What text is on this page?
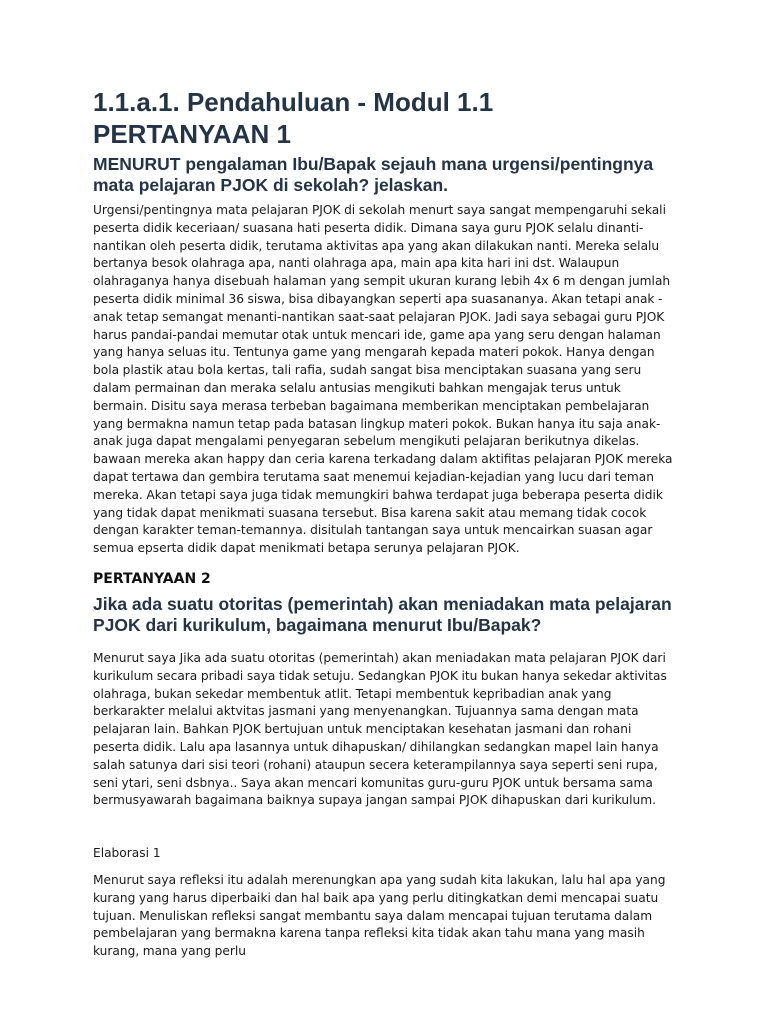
1.1.a.1. Pendahuluan - Modul 1.1
PERTANYAAN 1
MENURUT pengalaman Ibu/Bapak sejauh mana urgensi/pentingnya mata pelajaran PJOK di sekolah? jelaskan.

Urgensi/pentingnya mata pelajaran PJOK di sekolah menurt saya sangat mempengaruhi sekali peserta didik keceriaan/ suasana hati peserta didik. Dimana saya guru PJOK selalu dinanti-nantikan oleh peserta didik, terutama aktivitas apa yang akan dilakukan nanti. Mereka selalu bertanya besok olahraga apa, nanti olahraga apa, main apa kita hari ini dst. Walaupun olahraganya hanya disebuah halaman yang sempit ukuran kurang lebih 4x 6 m dengan jumlah peserta didik minimal 36 siswa, bisa dibayangkan seperti apa suasananya. Akan tetapi anak -anak tetap semangat menanti-nantikan saat-saat pelajaran PJOK. Jadi saya sebagai guru PJOK harus pandai-pandai memutar otak untuk mencari ide, game apa yang seru dengan halaman yang hanya seluas itu. Tentunya game yang mengarah kepada materi pokok. Hanya dengan bola plastik atau bola kertas, tali rafia, sudah sangat bisa menciptakan suasana yang seru dalam permainan dan meraka selalu antusias mengikuti bahkan mengajak terus untuk bermain. Disitu saya merasa terbeban bagaimana memberikan menciptakan pembelajaran yang bermakna namun tetap pada batasan lingkup materi pokok. Bukan hanya itu saja anak-anak juga dapat mengalami penyegaran sebelum mengikuti pelajaran berikutnya dikelas. bawaan mereka akan happy dan ceria karena terkadang dalam aktifitas pelajaran PJOK mereka dapat tertawa dan gembira terutama saat menemui kejadian-kejadian yang lucu dari teman mereka. Akan tetapi saya juga tidak memungkiri bahwa terdapat juga beberapa peserta didik yang tidak dapat menikmati suasana tersebut. Bisa karena sakit atau memang tidak cocok dengan karakter teman-temannya. disitulah tantangan saya untuk mencairkan suasan agar semua epserta didik dapat menikmati betapa serunya pelajaran PJOK.

PERTANYAAN 2

Jika ada suatu otoritas (pemerintah) akan meniadakan mata pelajaran PJOK dari kurikulum, bagaimana menurut Ibu/Bapak?

Menurut saya Jika ada suatu otoritas (pemerintah) akan meniadakan mata pelajaran PJOK dari kurikulum secara pribadi saya tidak setuju. Sedangkan PJOK itu bukan hanya sekedar aktivitas olahraga, bukan sekedar membentuk atlit. Tetapi membentuk kepribadian anak yang berkarakter melalui aktvitas jasmani yang menyenangkan. Tujuannya sama dengan mata pelajaran lain. Bahkan PJOK bertujuan untuk menciptakan kesehatan jasmani dan rohani peserta didik. Lalu apa lasannya untuk dihapuskan/ dihilangkan sedangkan mapel lain hanya salah satunya dari sisi teori (rohani) ataupun secera keterampilannya saya seperti seni rupa, seni ytari, seni dsbnya.. Saya akan mencari komunitas guru-guru PJOK untuk bersama sama bermusyawarah bagaimana baiknya supaya jangan sampai PJOK dihapuskan dari kurikulum.

Elaborasi 1

Menurut saya refleksi itu adalah merenungkan apa yang sudah kita lakukan, lalu hal apa yang kurang yang harus diperbaiki dan hal baik apa yang perlu ditingkatkan demi mencapai suatu tujuan. Menuliskan refleksi sangat membantu saya dalam mencapai tujuan terutama dalam pembelajaran yang bermakna karena tanpa refleksi kita tidak akan tahu mana yang masih kurang, mana yang perlu
